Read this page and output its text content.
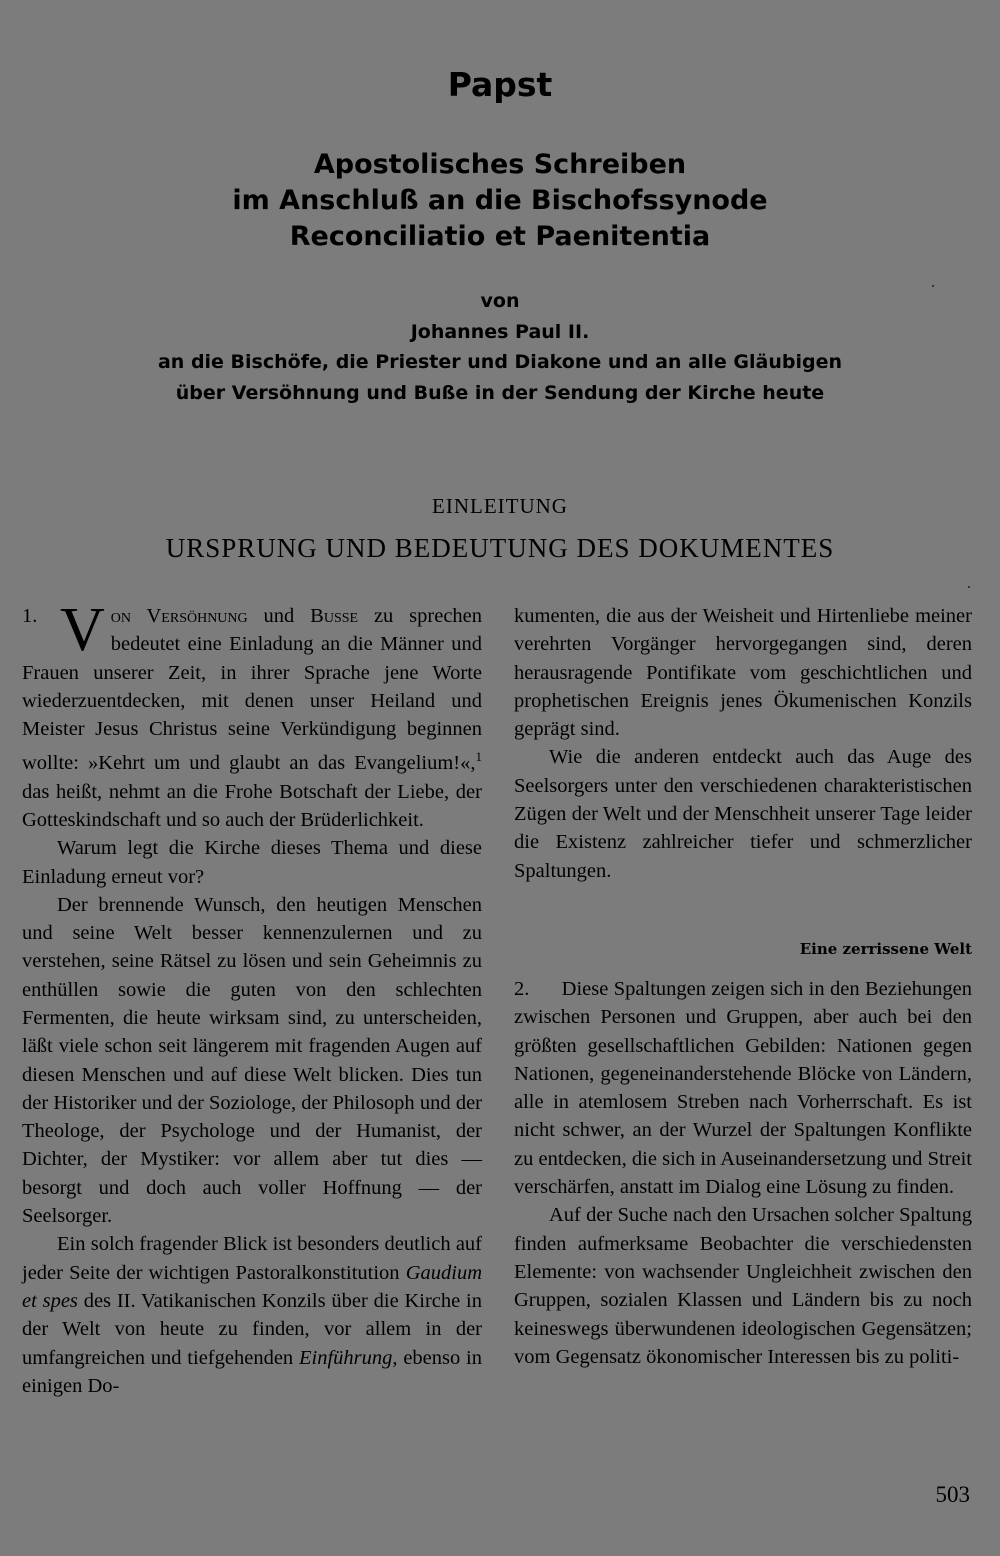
Papst
Apostolisches Schreiben
im Anschluß an die Bischofssynode
Reconciliatio et Paenitentia
von
Johannes Paul II.
an die Bischöfe, die Priester und Diakone und an alle Gläubigen
über Versöhnung und Buße in der Sendung der Kirche heute
EINLEITUNG
URSPRUNG UND BEDEUTUNG DES DOKUMENTES

1. V on Versöhnung und Busse zu sprechen bedeutet eine Einladung an die Männer und Frauen unserer Zeit, in ihrer Sprache jene Worte wiederzuentdecken, mit denen unser Heiland und Meister Jesus Christus seine Verkündigung beginnen wollte: »Kehrt um und glaubt an das Evangelium!«,$^1$ das heißt, nehmt an die Frohe Botschaft der Liebe, der Gotteskindschaft und so auch der Brüderlichkeit.

Warum legt die Kirche dieses Thema und diese Einladung erneut vor?

Der brennende Wunsch, den heutigen Menschen und seine Welt besser kennenzulernen und zu verstehen, seine Rätsel zu lösen und sein Geheimnis zu enthüllen sowie die guten von den schlechten Fermenten, die heute wirksam sind, zu unterscheiden, läßt viele schon seit längerem mit fragenden Augen auf diesen Menschen und auf diese Welt blicken. Dies tun der Historiker und der Soziologe, der Philosoph und der Theologe, der Psychologe und der Humanist, der Dichter, der Mystiker: vor allem aber tut dies — besorgt und doch auch voller Hoffnung — der Seelsorger.

Ein solch fragender Blick ist besonders deutlich auf jeder Seite der wichtigen Pastoralkonstitution Gaudium et spes des II. Vatikanischen Konzils über die Kirche in der Welt von heute zu finden, vor allem in der umfangreichen und tiefgehenden Einführung, ebenso in einigen Do-

kumenten, die aus der Weisheit und Hirtenliebe meiner verehrten Vorgänger hervorgegangen sind, deren herausragende Pontifikate vom geschichtlichen und prophetischen Ereignis jenes Ökumenischen Konzils geprägt sind.

Wie die anderen entdeckt auch das Auge des Seelsorgers unter den verschiedenen charakteristischen Zügen der Welt und der Menschheit unserer Tage leider die Existenz zahlreicher tiefer und schmerzlicher Spaltungen.

Eine zerrissene Welt

2.      Diese Spaltungen zeigen sich in den Beziehungen zwischen Personen und Gruppen, aber auch bei den größten gesellschaftlichen Gebilden: Nationen gegen Nationen, gegeneinanderstehende Blöcke von Ländern, alle in atemlosem Streben nach Vorherrschaft. Es ist nicht schwer, an der Wurzel der Spaltungen Konflikte zu entdecken, die sich in Auseinandersetzung und Streit verschärfen, anstatt im Dialog eine Lösung zu finden.

Auf der Suche nach den Ursachen solcher Spaltung finden aufmerksame Beobachter die verschiedensten Elemente: von wachsender Ungleichheit zwischen den Gruppen, sozialen Klassen und Ländern bis zu noch keineswegs überwundenen ideologischen Gegensätzen; vom Gegensatz ökonomischer Interessen bis zu politi-

503
